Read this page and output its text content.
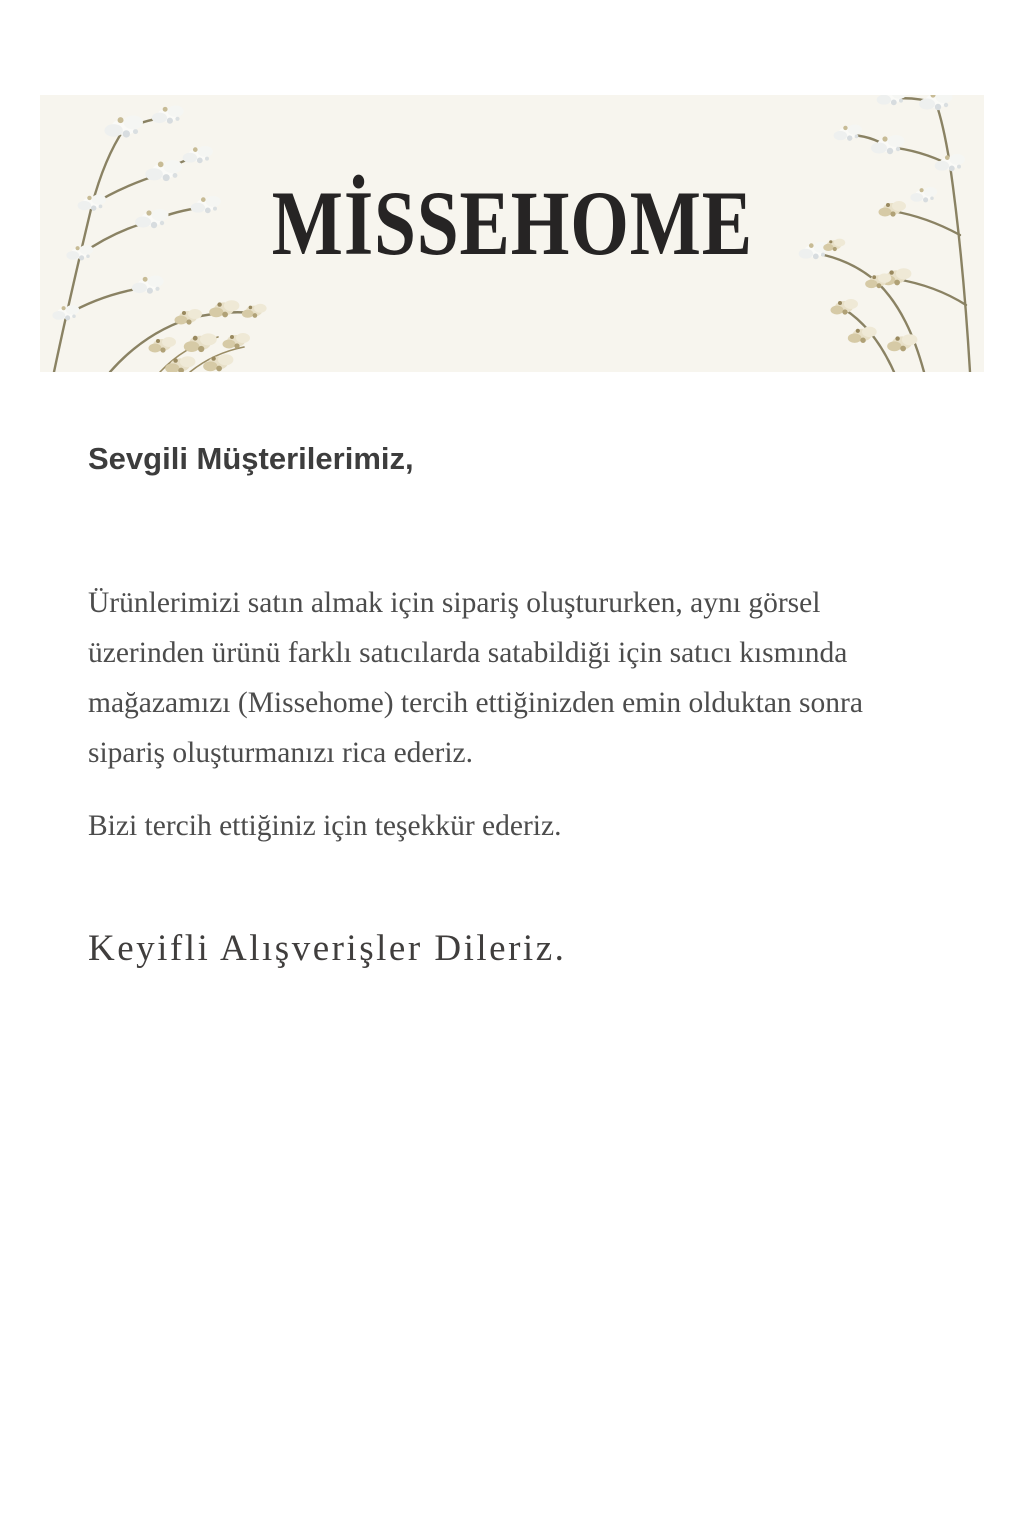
MİSSEHOME
Sevgili Müşterilerimiz,
Ürünlerimizi satın almak için sipariş oluştururken, aynı görsel
üzerinden ürünü farklı satıcılarda satabildiği için satıcı kısmında
mağazamızı (Missehome) tercih ettiğinizden emin olduktan sonra
sipariş oluşturmanızı rica ederiz.
Bizi tercih ettiğiniz için teşekkür ederiz.
Keyifli Alışverişler Dileriz.
